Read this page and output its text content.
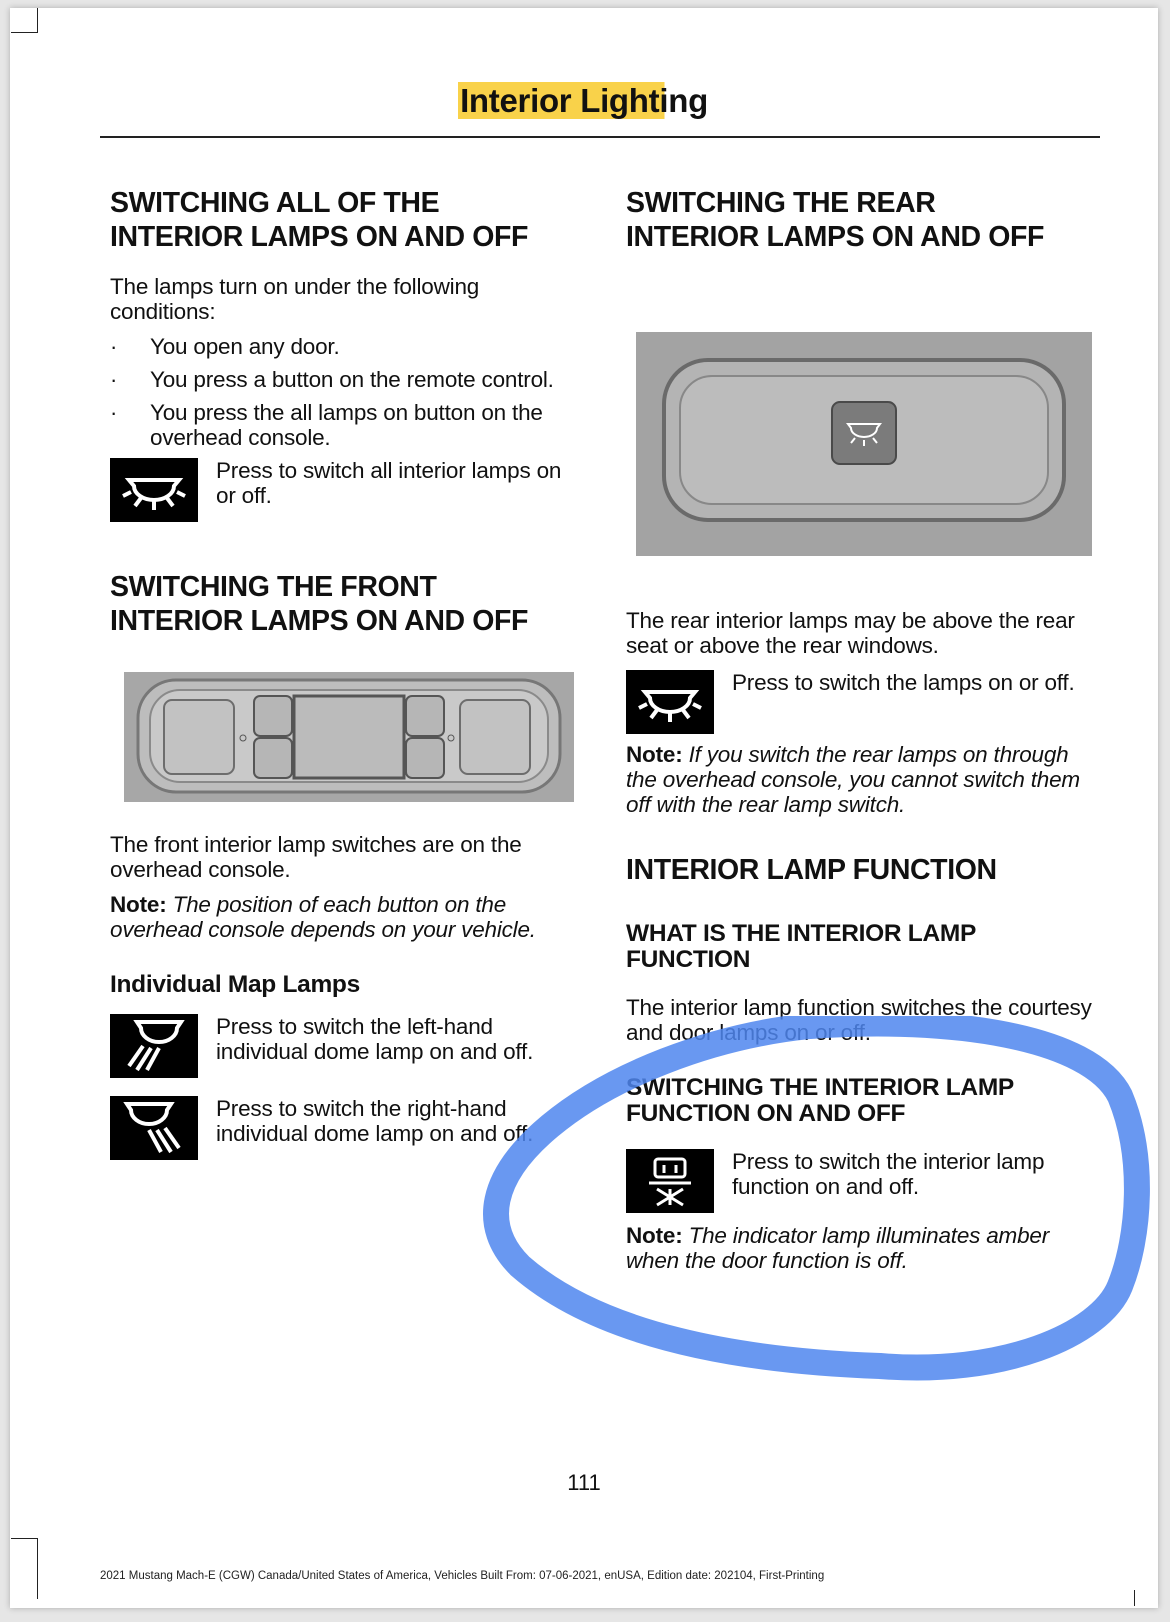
Interior Lighting
SWITCHING ALL OF THE
INTERIOR LAMPS ON AND OFF

The lamps turn on under the following conditions:

· You open any door.
· You press a button on the remote control.
· You press the all lamps on button on the overhead console.

Press to switch all interior lamps on or off.

SWITCHING THE FRONT
INTERIOR LAMPS ON AND OFF

The front interior lamp switches are on the overhead console.

Note: The position of each button on the overhead console depends on your vehicle.

Individual Map Lamps

Press to switch the left-hand individual dome lamp on and off.

Press to switch the right-hand individual dome lamp on and off.

SWITCHING THE REAR
INTERIOR LAMPS ON AND OFF

The rear interior lamps may be above the rear seat or above the rear windows.

Press to switch the lamps on or off.

Note: If you switch the rear lamps on through the overhead console, you cannot switch them off with the rear lamp switch.

INTERIOR LAMP FUNCTION
WHAT IS THE INTERIOR LAMP FUNCTION

The interior lamp function switches the courtesy and door lamps on or off.

SWITCHING THE INTERIOR LAMP FUNCTION ON AND OFF

Press to switch the interior lamp function on and off.

Note: The indicator lamp illuminates amber when the door function is off.

111
2021 Mustang Mach-E (CGW) Canada/United States of America, Vehicles Built From: 07-06-2021, enUSA, Edition date: 202104, First-Printing
